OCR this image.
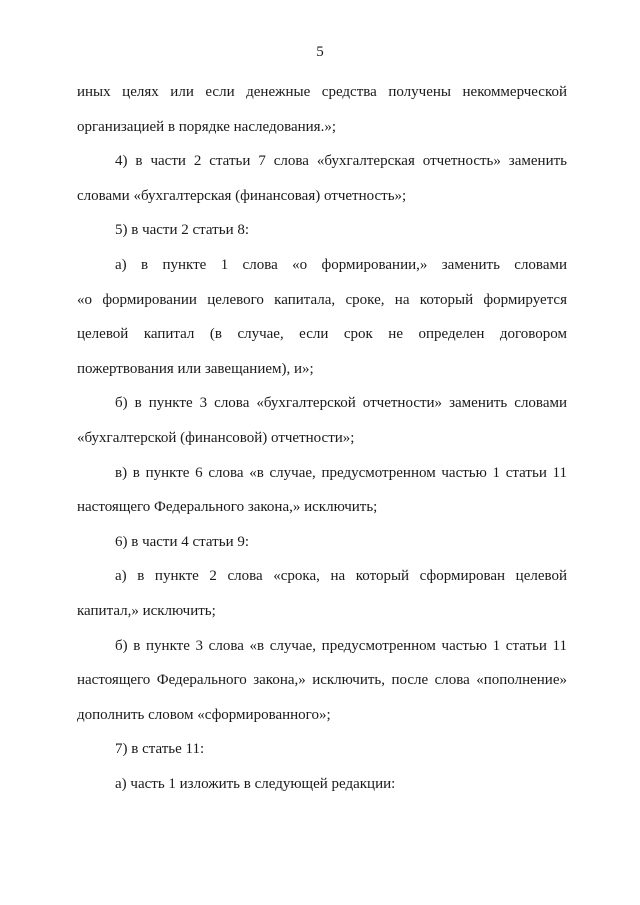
5
иных целях или если денежные средства получены некоммерческой
организацией в порядке наследования.»;
4) в части 2 статьи 7 слова «бухгалтерская отчетность» заменить
словами «бухгалтерская (финансовая) отчетность»;
5) в части 2 статьи 8:
а) в пункте 1 слова «о формировании,» заменить словами
«о формировании целевого капитала, сроке, на который формируется
целевой капитал (в случае, если срок не определен договором
пожертвования или завещанием), и»;
б) в пункте 3 слова «бухгалтерской отчетности» заменить словами
«бухгалтерской (финансовой) отчетности»;
в) в пункте 6 слова «в случае, предусмотренном частью 1 статьи 11
настоящего Федерального закона,» исключить;
6) в части 4 статьи 9:
а) в пункте 2 слова «срока, на который сформирован целевой
капитал,» исключить;
б) в пункте 3 слова «в случае, предусмотренном частью 1 статьи 11
настоящего Федерального закона,» исключить, после слова «пополнение»
дополнить словом «сформированного»;
7) в статье 11:
а) часть 1 изложить в следующей редакции:
